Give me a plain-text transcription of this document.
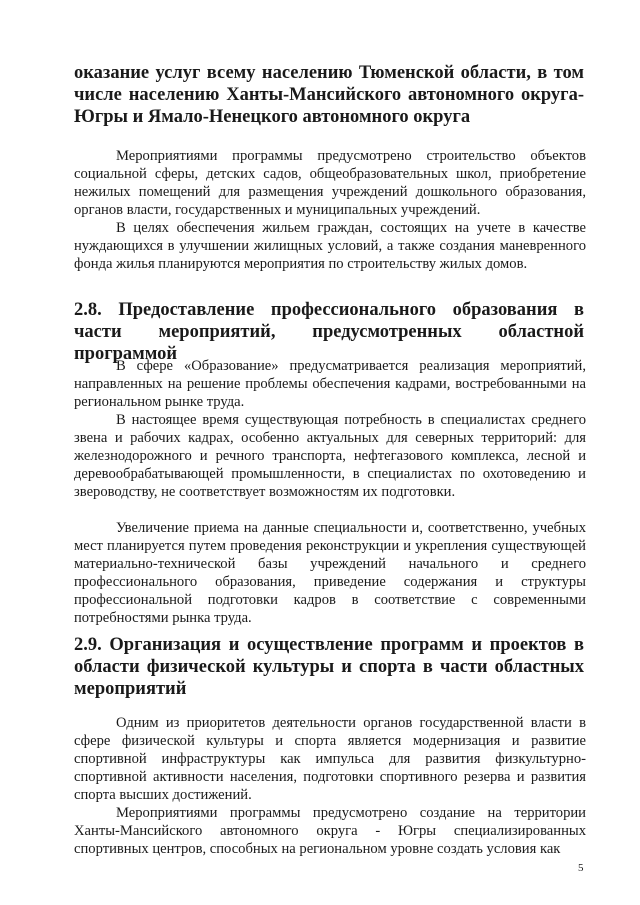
оказание услуг всему населению Тюменской области, в том числе населению Ханты-Мансийского автономного округа-Югры и Ямало-Ненецкого автономного округа

Мероприятиями программы предусмотрено строительство объектов социальной сферы, детских садов, общеобразовательных школ, приобретение нежилых помещений для размещения учреждений дошкольного образования, органов власти, государственных и муниципальных учреждений.

В целях обеспечения жильем граждан, состоящих на учете в качестве нуждающихся в улучшении жилищных условий, а также создания маневренного фонда жилья планируются мероприятия по строительству жилых домов.

2.8. Предоставление профессионального образования в части мероприятий, предусмотренных областной программой

В сфере «Образование» предусматривается реализация мероприятий, направленных на решение проблемы обеспечения кадрами, востребованными на региональном рынке труда.

В настоящее время существующая потребность в специалистах среднего звена и рабочих кадрах, особенно актуальных для северных территорий: для железнодорожного и речного транспорта, нефтегазового комплекса, лесной и деревообрабатывающей промышленности, в специалистах по охотоведению и звероводству, не соответствует возможностям их подготовки.

Увеличение приема на данные специальности и, соответственно, учебных мест планируется путем проведения реконструкции и укрепления существующей материально-технической базы учреждений начального и среднего профессионального образования, приведение содержания и структуры профессиональной подготовки кадров в соответствие с современными потребностями рынка труда.

2.9. Организация и осуществление программ и проектов в области физической культуры и спорта в части областных мероприятий

Одним из приоритетов деятельности органов государственной власти в сфере физической культуры и спорта является модернизация и развитие спортивной инфраструктуры как импульса для развития физкультурно-спортивной активности населения, подготовки спортивного резерва и развития спорта высших достижений.

Мероприятиями программы предусмотрено создание на территории Ханты-Мансийского автономного округа - Югры специализированных спортивных центров, способных на региональном уровне создать условия как

5
